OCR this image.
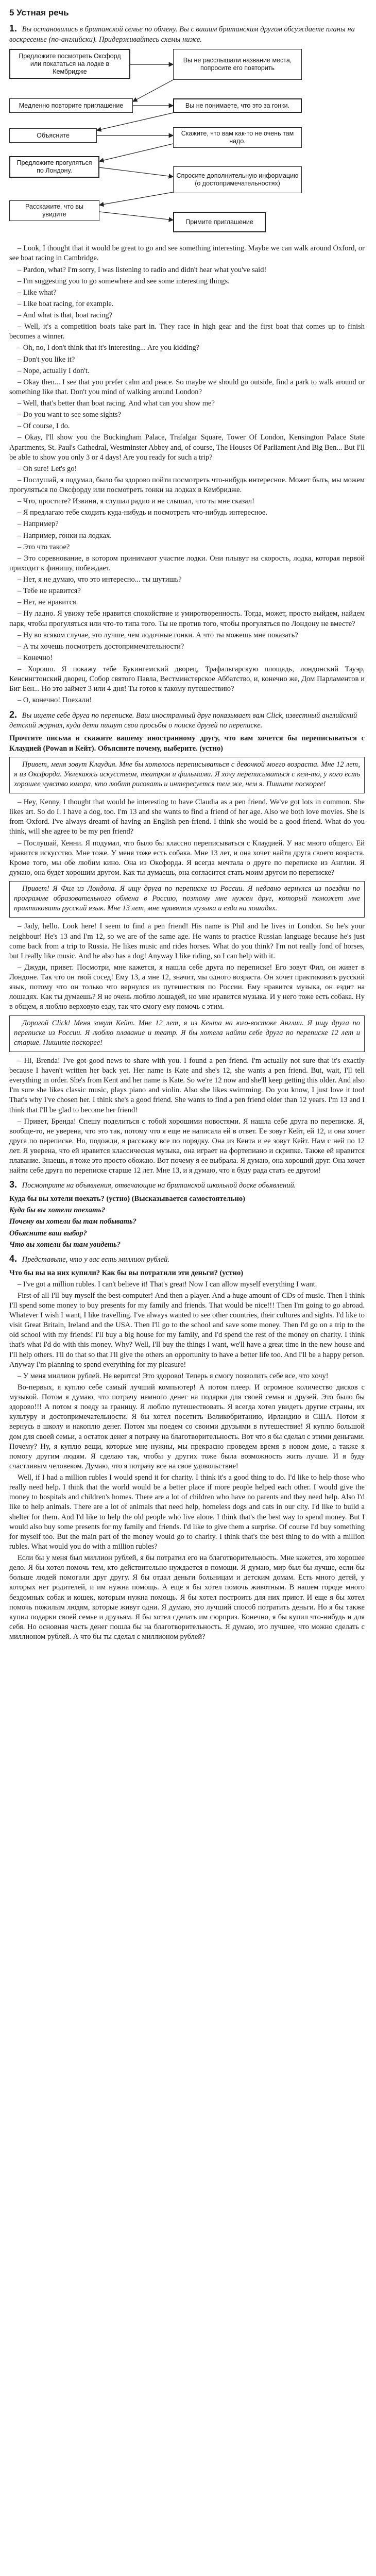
5 Устная речь
1. Вы остановились в британской семье по обмену. Вы с вашим британским другом обсуждаете планы на воскресенье (по-английски). Придерживайтесь схемы ниже.
Предложите посмотреть Оксфорд или покататься на лодке в Кембридже
Вы не расслышали название места, попросите его повторить
Медленно повторите приглашение	Вы не понимаете, что это за гонки.
Объясните	Скажите, что вам как-то не очень там надо.
Предложите прогуляться по Лондону.
Спросите дополнительную информацию (о достопримечательностях)
Расскажите, что вы увидите
Примите приглашение

– Look, I thought that it would be great to go and see something interesting. Maybe we can walk around Oxford, or see boat racing in Cambridge.

– Pardon, what? I'm sorry, I was listening to radio and didn't hear what you've said!

– I'm suggesting you to go somewhere and see some interesting things.

– Like what?

– Like boat racing, for example.

– And what is that, boat racing?

– Well, it's a competition boats take part in. They race in high gear and the first boat that comes up to finish becomes a winner.

– Oh, no, I don't think that it's interesting... Are you kidding?

– Don't you like it?

– Nope, actually I don't.

– Okay then... I see that you prefer calm and peace. So maybe we should go outside, find a park to walk around or something like that. Don't you mind of walking around London?

– Well, that's better than boat racing. And what can you show me?

– Do you want to see some sights?

– Of course, I do.

– Okay, I'll show you the Buckingham Palace, Trafalgar Square, Tower Of London, Kensington Palace State Apartments, St. Paul's Cathedral, Westminster Abbey and, of course, The Houses Of Parliament And Big Ben... But I'll be able to show you only 3 or 4 days! Are you ready for such a trip?

– Oh sure! Let's go!

– Послушай, я подумал, было бы здорово пойти посмотреть что-нибудь интересное. Может быть, мы можем прогуляться по Оксфорду или посмотреть гонки на лодках в Кембридже.

– Что, простите? Извини, я слушал радио и не слышал, что ты мне сказал!

– Я предлагаю тебе сходить куда-нибудь и посмотреть что-нибудь интересное.

– Например?

– Например, гонки на лодках.

– Это что такое?

– Это соревнование, в котором принимают участие лодки. Они плывут на скорость, лодка, которая первой приходит к финишу, побеждает.

– Нет, я не думаю, что это интересно... ты шутишь?

– Тебе не нравится?

– Нет, не нравится.

– Ну ладно. Я увижу тебе нравится спокойствие и умиротворенность. Тогда, может, просто выйдем, найдем парк, чтобы прогуляться или что-то типа того. Ты не против того, чтобы прогуляться по Лондону не вместе?

– Ну во всяком случае, это лучше, чем лодочные гонки. А что ты можешь мне показать?

– А ты хочешь посмотреть достопримечательности?

– Конечно!

– Хорошо. Я покажу тебе Букингемский дворец, Трафальгарскую площадь, лондонский Тауэр, Кенсингтонский дворец, Собор святого Павла, Вестминстерское Аббатство, и, конечно же, Дом Парламентов и Биг Бен... Но это займет 3 или 4 дня! Ты готов к такому путешествию?

– О, конечно! Поехали!

2. Вы ищете себе друга по переписке. Ваш иностранный друг показывает вам Click, известный английский детский журнал, куда дети пишут свои просьбы о поиске друзей по переписке.

Прочтите письма и скажите вашему иностранному другу, что вам хочется бы переписываться с Клаудией (Powan и Кейт). Объясните почему, выберите. (устно)

Привет, меня зовут Клаудия. Мне бы хотелось переписываться с девочкой моего возраста. Мне 12 лет, я из Оксфорда. Увлекаюсь искусством, театром и фильмами. Я хочу переписываться с кем-то, у кого есть хорошее чувство юмора, кто любит рисовать и интересуется тем же, чем я. Пишите поскорее!

– Hey, Kenny, I thought that would be interesting to have Claudia as a pen friend. We've got lots in common. She likes art. So do I. I have a dog, too. I'm 13 and she wants to find a friend of her age. Also we both love movies. She is from Oxford. I've always dreamt of having an English pen-friend. I think she would be a good friend. What do you think, will she agree to be my pen friend?

– Послушай, Кенни. Я подумал, что было бы классно переписываться с Клаудией. У нас много общего. Ей нравится искусство. Мне тоже. У меня тоже есть собака. Мне 13 лет, и она хочет найти друга своего возраста. Кроме того, мы обе любим кино. Она из Оксфорда. Я всегда мечтала о друге по переписке из Англии. Я думаю, она будет хорошим другом. Как ты думаешь, она согласится стать моим другом по переписке?

Привет! Я Фил из Лондона. Я ищу друга по переписке из России. Я недавно вернулся из поездки по программе образовательного обмена в Россию, поэтому мне нужен друг, который поможет мне практиковать русский язык. Мне 13 лет, мне нравятся музыка и езда на лошадях.

– Jady, hello. Look here! I seem to find a pen friend! His name is Phil and he lives in London. So he's your neighbour! He's 13 and I'm 12, so we are of the same age. He wants to practice Russian language because he's just come back from a trip to Russia. He likes music and rides horses. What do you think? I'm not really fond of horses, but I really like music. And he also has a dog! Anyway I like riding, so I can help with it.

– Джуди, привет. Посмотри, мне кажется, я нашла себе друга по переписке! Его зовут Фил, он живет в Лондоне. Так что он твой сосед! Ему 13, а мне 12, значит, мы одного возраста. Он хочет практиковать русский язык, потому что он только что вернулся из путешествия по России. Ему нравится музыка, он ездит на лошадях. Как ты думаешь? Я не очень люблю лошадей, но мне нравится музыка. И у него тоже есть собака. Ну в общем, я люблю верховую езду, так что смогу ему помочь с этим.

Дорогой Click! Меня зовут Кейт. Мне 12 лет, я из Кента на юго-востоке Англии. Я ищу друга по переписке из России. Я люблю плавание и театр. Я бы хотела найти себе друга по переписке 12 лет и старше. Пишите поскорее!

– Hi, Brenda! I've got good news to share with you. I found a pen friend. I'm actually not sure that it's exactly because I haven't written her back yet. Her name is Kate and she's 12, she wants a pen friend. But, wait, I'll tell everything in order. She's from Kent and her name is Kate. So we're 12 now and she'll keep getting this older. And also I'm sure she likes classic music, plays piano and violin. Also she likes swimming. Do you know, I just love it too! That's why I've chosen her. I think she's a good friend. She wants to find a pen friend older than 12 years. I'm 13 and I think that I'll be glad to become her friend!

– Привет, Бренда! Спешу поделиться с тобой хорошими новостями. Я нашла себе друга по переписке. Я, вообще-то, не уверена, что это так, потому что я еще не написала ей в ответ. Ее зовут Кейт, ей 12, и она хочет друга по переписке. Но, подожди, я расскажу все по порядку. Она из Кента и ее зовут Кейт. Нам с ней по 12 лет. Я уверена, что ей нравится классическая музыка, она играет на фортепиано и скрипке. Также ей нравится плавание. Знаешь, я тоже это просто обожаю. Вот почему я ее выбрала. Я думаю, она хороший друг. Она хочет найти себе друга по переписке старше 12 лет. Мне 13, и я думаю, что я буду рада стать ее другом!

3. Посмотрите на объявления, отвечающие на британской школьной доске объявлений.

Куда бы вы хотели поехать? (устно) (Высказывается самостоятельно)

Куда бы вы хотели поехать?

Почему вы хотели бы там побывать?

Объясните ваш выбор?

Что вы хотели бы там увидеть?

4. Представьте, что у вас есть миллион рублей.

Что бы вы на них купили? Как бы вы потратили эти деньги? (устно)

– I've got a million rubles. I can't believe it! That's great! Now I can allow myself everything I want.

First of all I'll buy myself the best computer! And then a player. And a huge amount of CDs of music. Then I think I'll spend some money to buy presents for my family and friends. That would be nice!!! Then I'm going to go abroad. Whatever I wish I want, I like travelling. I've always wanted to see other countries, their cultures and sights. I'd like to visit Great Britain, Ireland and the USA. Then I'll go to the school and save some money. Then I'd go on a trip to the old school with my friends! I'll buy a big house for my family, and I'd spend the rest of the money on charity. I think that's what I'd do with this money. Why? Well, I'll buy the things I want, we'll have a great time in the new house and I'll help others. I'll do that so that I'll give the others an opportunity to have a better life too. And I'll be a happy person. Anyway I'm planning to spend everything for my pleasure!

– У меня миллион рублей. Не верится! Это здорово! Теперь я смогу позволить себе все, что хочу!

Во-первых, я куплю себе самый лучший компьютер! А потом плеер. И огромное количество дисков с музыкой. Потом я думаю, что потрачу немного денег на подарки для своей семьи и друзей. Это было бы здорово!!! А потом я поеду за границу. Я люблю путешествовать. Я всегда хотел увидеть другие страны, их культуру и достопримечательности. Я бы хотел посетить Великобританию, Ирландию и США. Потом я вернусь в школу и накоплю денег. Потом мы поедем со своими друзьями в путешествие! Я куплю большой дом для своей семьи, а остаток денег я потрачу на благотворительность. Вот что я бы сделал с этими деньгами. Почему? Ну, я куплю вещи, которые мне нужны, мы прекрасно проведем время в новом доме, а также я помогу другим людям. Я сделаю так, чтобы у других тоже была возможность жить лучше. И я буду счастливым человеком. Думаю, что я потрачу все на свое удовольствие!

Well, if I had a million rubles I would spend it for charity. I think it's a good thing to do. I'd like to help those who really need help. I think that the world would be a better place if more people helped each other. I would give the money to hospitals and children's homes. There are a lot of children who have no parents and they need help. Also I'd like to help animals. There are a lot of animals that need help, homeless dogs and cats in our city. I'd like to build a shelter for them. And I'd like to help the old people who live alone. I think that's the best way to spend money. But I would also buy some presents for my family and friends. I'd like to give them a surprise. Of course I'd buy something for myself too. But the main part of the money would go to charity. I think that's the best thing to do with a million rubles. What would you do with a million rubles?

Если бы у меня был миллион рублей, я бы потратил его на благотворительность. Мне кажется, это хорошее дело. Я бы хотел помочь тем, кто действительно нуждается в помощи. Я думаю, мир был бы лучше, если бы больше людей помогали друг другу. Я бы отдал деньги больницам и детским домам. Есть много детей, у которых нет родителей, и им нужна помощь. А еще я бы хотел помочь животным. В нашем городе много бездомных собак и кошек, которым нужна помощь. Я бы хотел построить для них приют. И еще я бы хотел помочь пожилым людям, которые живут одни. Я думаю, это лучший способ потратить деньги. Но я бы также купил подарки своей семье и друзьям. Я бы хотел сделать им сюрприз. Конечно, я бы купил что-нибудь и для себя. Но основная часть денег пошла бы на благотворительность. Я думаю, это лучшее, что можно сделать с миллионом рублей. А что бы ты сделал с миллионом рублей?
